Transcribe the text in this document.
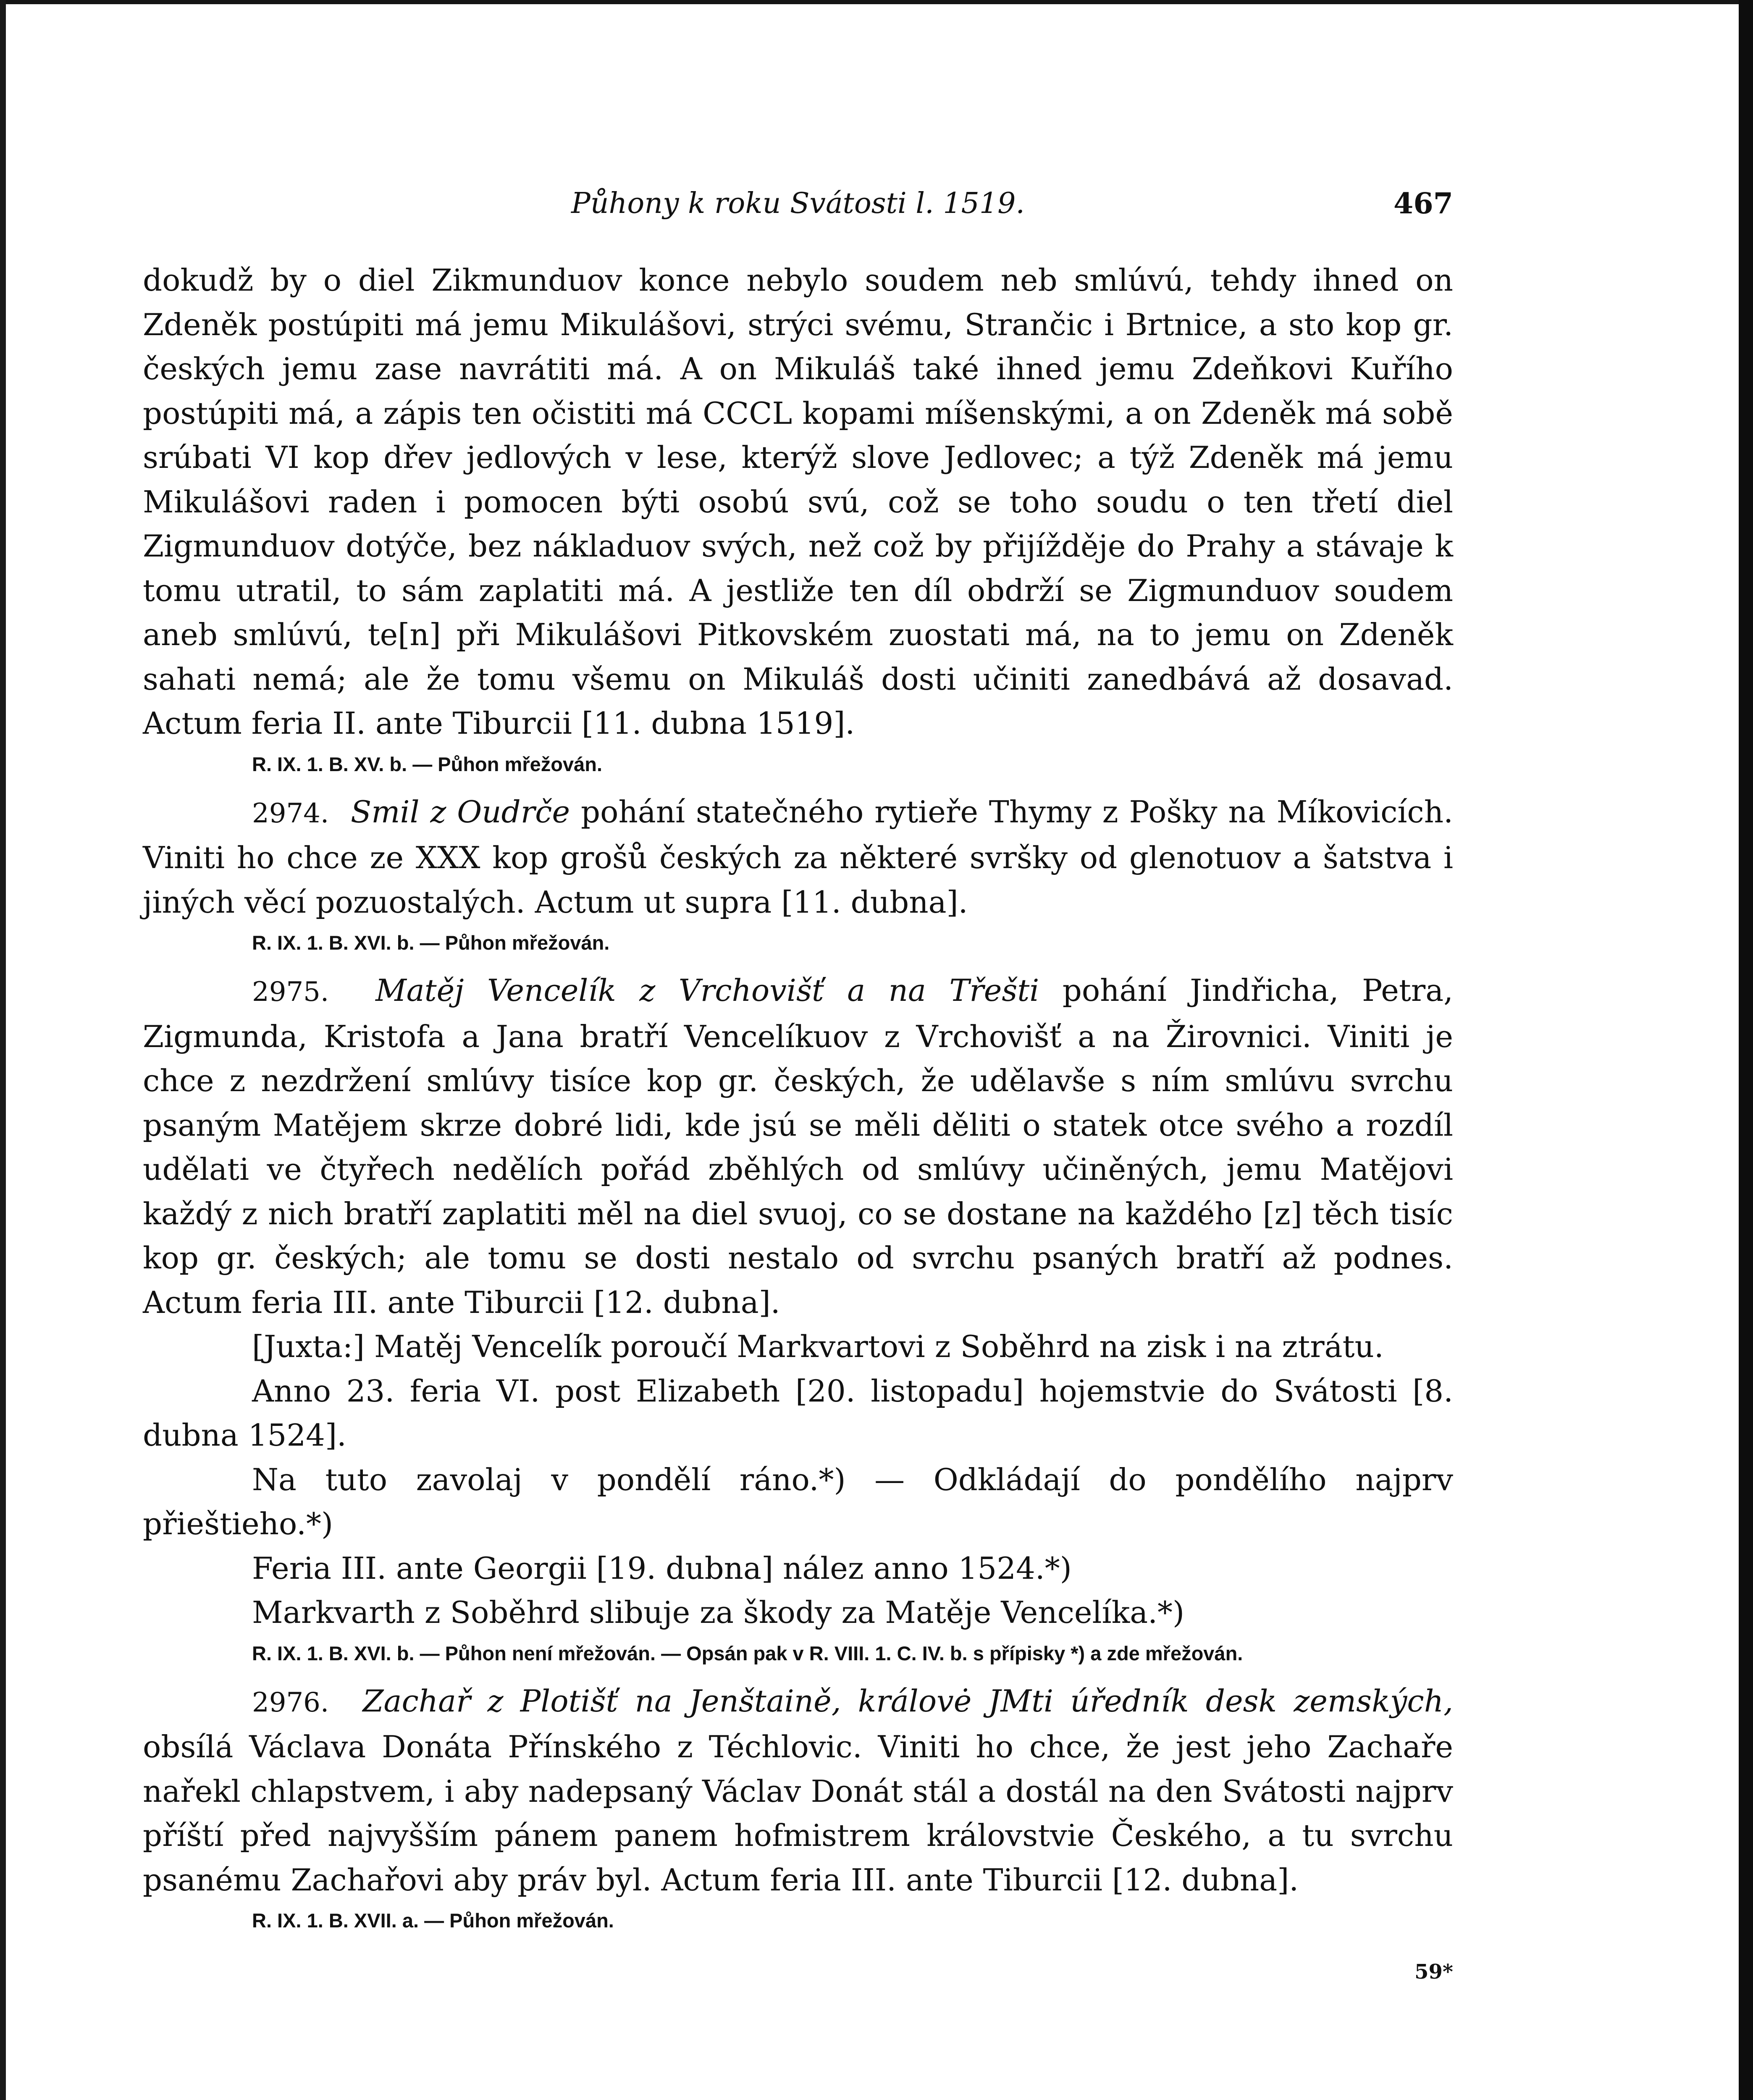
Půhony k roku Svátosti l. 1519.	467

dokudž by o diel Zikmunduov konce nebylo soudem neb smlúvú, tehdy ihned on Zdeněk postúpiti má jemu Mikulášovi, strýci svému, Strančic i Brtnice, a sto kop gr. českých jemu zase navrátiti má. A on Mikuláš také ihned jemu Zdeňkovi Kuřího postúpiti má, a zápis ten očistiti má CCCL kopami míšenskými, a on Zdeněk má sobě srúbati VI kop dřev jedlových v lese, kterýž slove Jedlovec; a týž Zdeněk má jemu Mikulášovi raden i pomocen býti osobú svú, což se toho soudu o ten třetí diel Zigmunduov dotýče, bez nákladuov svých, než což by přijížděje do Prahy a stávaje k tomu utratil, to sám zaplatiti má. A jestliže ten díl obdrží se Zigmunduov soudem aneb smlúvú, te[n] při Mikulášovi Pitkovském zuostati má, na to jemu on Zdeněk sahati nemá; ale že tomu všemu on Mikuláš dosti učiniti zanedbává až dosavad. Actum feria II. ante Tiburcii [11. dubna 1519].

R. IX. 1. B. XV. b. — Půhon mřežován.

2974. Smil z Oudrče pohání statečného rytieře Thymy z Pošky na Míkovicích. Viniti ho chce ze XXX kop grošů českých za některé svršky od glenotuov a šatstva i jiných věcí pozuostalých. Actum ut supra [11. dubna].

R. IX. 1. B. XVI. b. — Půhon mřežován.

2975. Matěj Vencelík z Vrchovišť a na Třešti pohání Jindřicha, Petra, Zigmunda, Kristofa a Jana bratří Vencelíkuov z Vrchovišť a na Žirovnici. Viniti je chce z nezdržení smlúvy tisíce kop gr. českých, že udělavše s ním smlúvu svrchu psaným Matějem skrze dobré lidi, kde jsú se měli děliti o statek otce svého a rozdíl udělati ve čtyřech nedělích pořád zběhlých od smlúvy učiněných, jemu Matějovi každý z nich bratří zaplatiti měl na diel svuoj, co se dostane na každého [z] těch tisíc kop gr. českých; ale tomu se dosti nestalo od svrchu psaných bratří až podnes. Actum feria III. ante Tiburcii [12. dubna].

[Juxta:] Matěj Vencelík poroučí Markvartovi z Soběhrd na zisk i na ztrátu.

Anno 23. feria VI. post Elizabeth [20. listopadu] hojemstvie do Svátosti [8. dubna 1524].

Na tuto zavolaj v pondělí ráno.*) — Odkládají do pondělího najprv přieštieho.*)

Feria III. ante Georgii [19. dubna] nález anno 1524.*)

Markvarth z Soběhrd slibuje za škody za Matěje Vencelíka.*)

R. IX. 1. B. XVI. b. — Půhon není mřežován. — Opsán pak v R. VIII. 1. C. IV. b. s přípisky *) a zde mřežován.

2976. Zachař z Plotišť na Jenštaině, královė JMti úředník desk zemských, obsílá Václava Donáta Přínského z Téchlovic. Viniti ho chce, že jest jeho Zachaře nařekl chlapstvem, i aby nadepsaný Václav Donát stál a dostál na den Svátosti najprv příští před najvyšším pánem panem hofmistrem královstvie Českého, a tu svrchu psanému Zachařovi aby práv byl. Actum feria III. ante Tiburcii [12. dubna].

R. IX. 1. B. XVII. a. — Půhon mřežován.

59*
